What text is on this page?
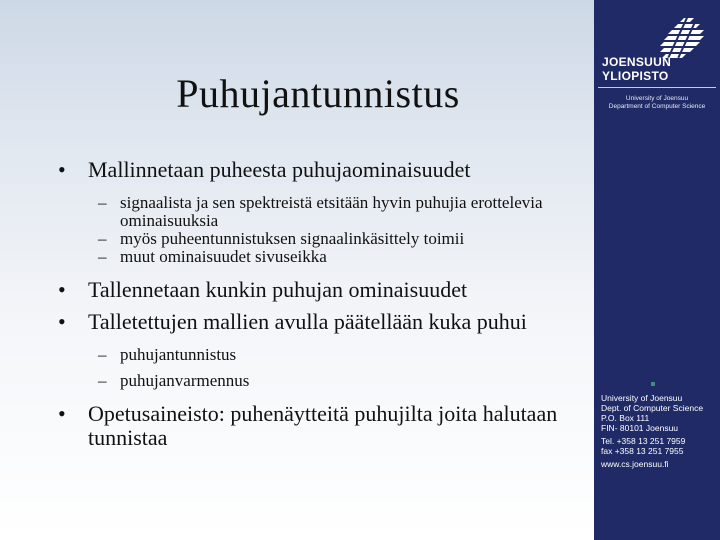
Puhujantunnistus
• Mallinnetaan puheesta puhujaominaisuudet
– signaalista ja sen spektreistä etsitään hyvin puhujia erottelevia ominaisuuksia
– myös puheentunnistuksen signaalinkäsittely toimii
– muut ominaisuudet sivuseikka
• Tallennetaan kunkin puhujan ominaisuudet
• Talletettujen mallien avulla päätellään kuka puhui
– puhujantunnistus
– puhujanvarmennus
• Opetusaineisto: puhenäytteitä puhujilta joita halutaan tunnistaa
JOENSUUN
YLIOPISTO
University of Joensuu
Department of Computer Science
University of Joensuu
Dept. of Computer Science
P.O. Box 111
FIN- 80101 Joensuu
Tel. +358 13 251 7959
fax +358 13 251 7955
www.cs.joensuu.fi
